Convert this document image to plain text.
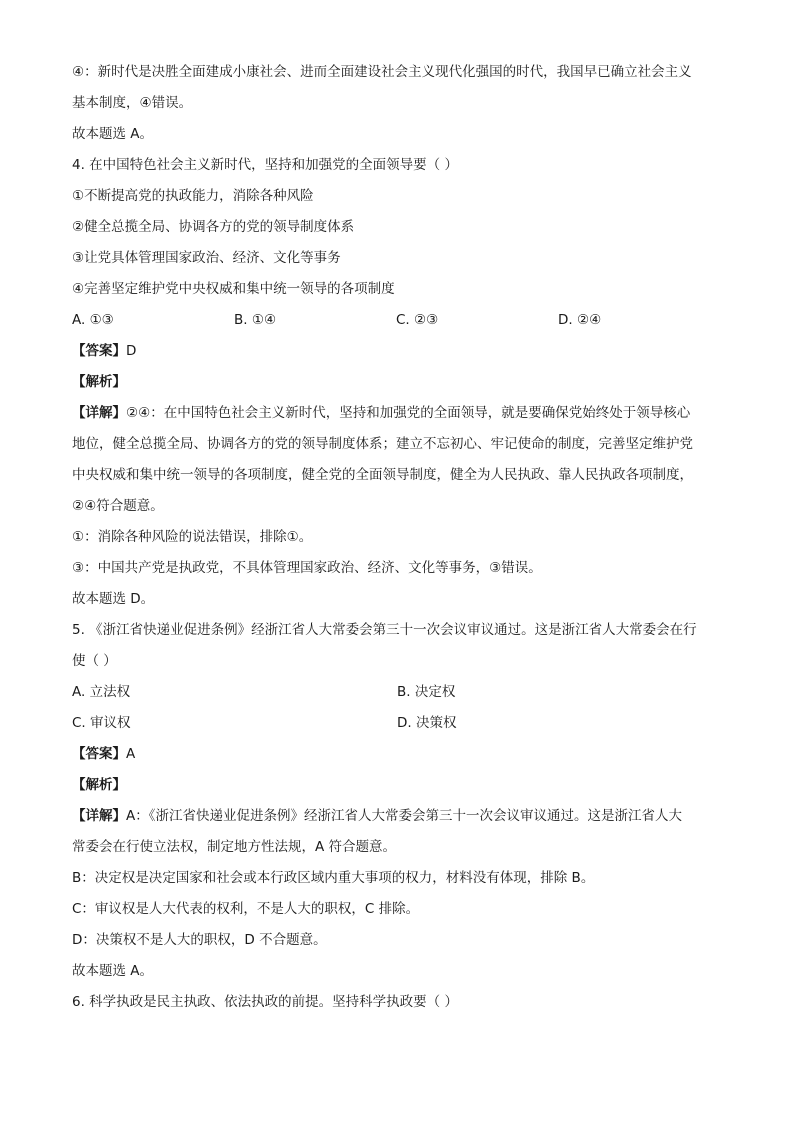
④：新时代是决胜全面建成小康社会、进而全面建设社会主义现代化强国的时代，我国早已确立社会主义
基本制度，④错误。
故本题选 A。
4. 在中国特色社会主义新时代，坚持和加强党的全面领导要（ ）
①不断提高党的执政能力，消除各种风险
②健全总揽全局、协调各方的党的领导制度体系
③让党具体管理国家政治、经济、文化等事务
④完善坚定维护党中央权威和集中统一领导的各项制度
A. ①③	B. ①④	C. ②③	D. ②④
【答案】D
【解析】
【详解】②④：在中国特色社会主义新时代，坚持和加强党的全面领导，就是要确保党始终处于领导核心
地位，健全总揽全局、协调各方的党的领导制度体系；建立不忘初心、牢记使命的制度，完善坚定维护党
中央权威和集中统一领导的各项制度，健全党的全面领导制度，健全为人民执政、靠人民执政各项制度，
②④符合题意。
①：消除各种风险的说法错误，排除①。
③：中国共产党是执政党，不具体管理国家政治、经济、文化等事务，③错误。
故本题选 D。
5. 《浙江省快递业促进条例》经浙江省人大常委会第三十一次会议审议通过。这是浙江省人大常委会在行
使（ ）
A. 立法权	B. 决定权
C. 审议权	D. 决策权
【答案】A
【解析】
【详解】A：《浙江省快递业促进条例》经浙江省人大常委会第三十一次会议审议通过。这是浙江省人大
常委会在行使立法权，制定地方性法规，A 符合题意。
B：决定权是决定国家和社会或本行政区域内重大事项的权力，材料没有体现，排除 B。
C：审议权是人大代表的权利，不是人大的职权，C 排除。
D：决策权不是人大的职权，D 不合题意。
故本题选 A。
6. 科学执政是民主执政、依法执政的前提。坚持科学执政要（ ）
